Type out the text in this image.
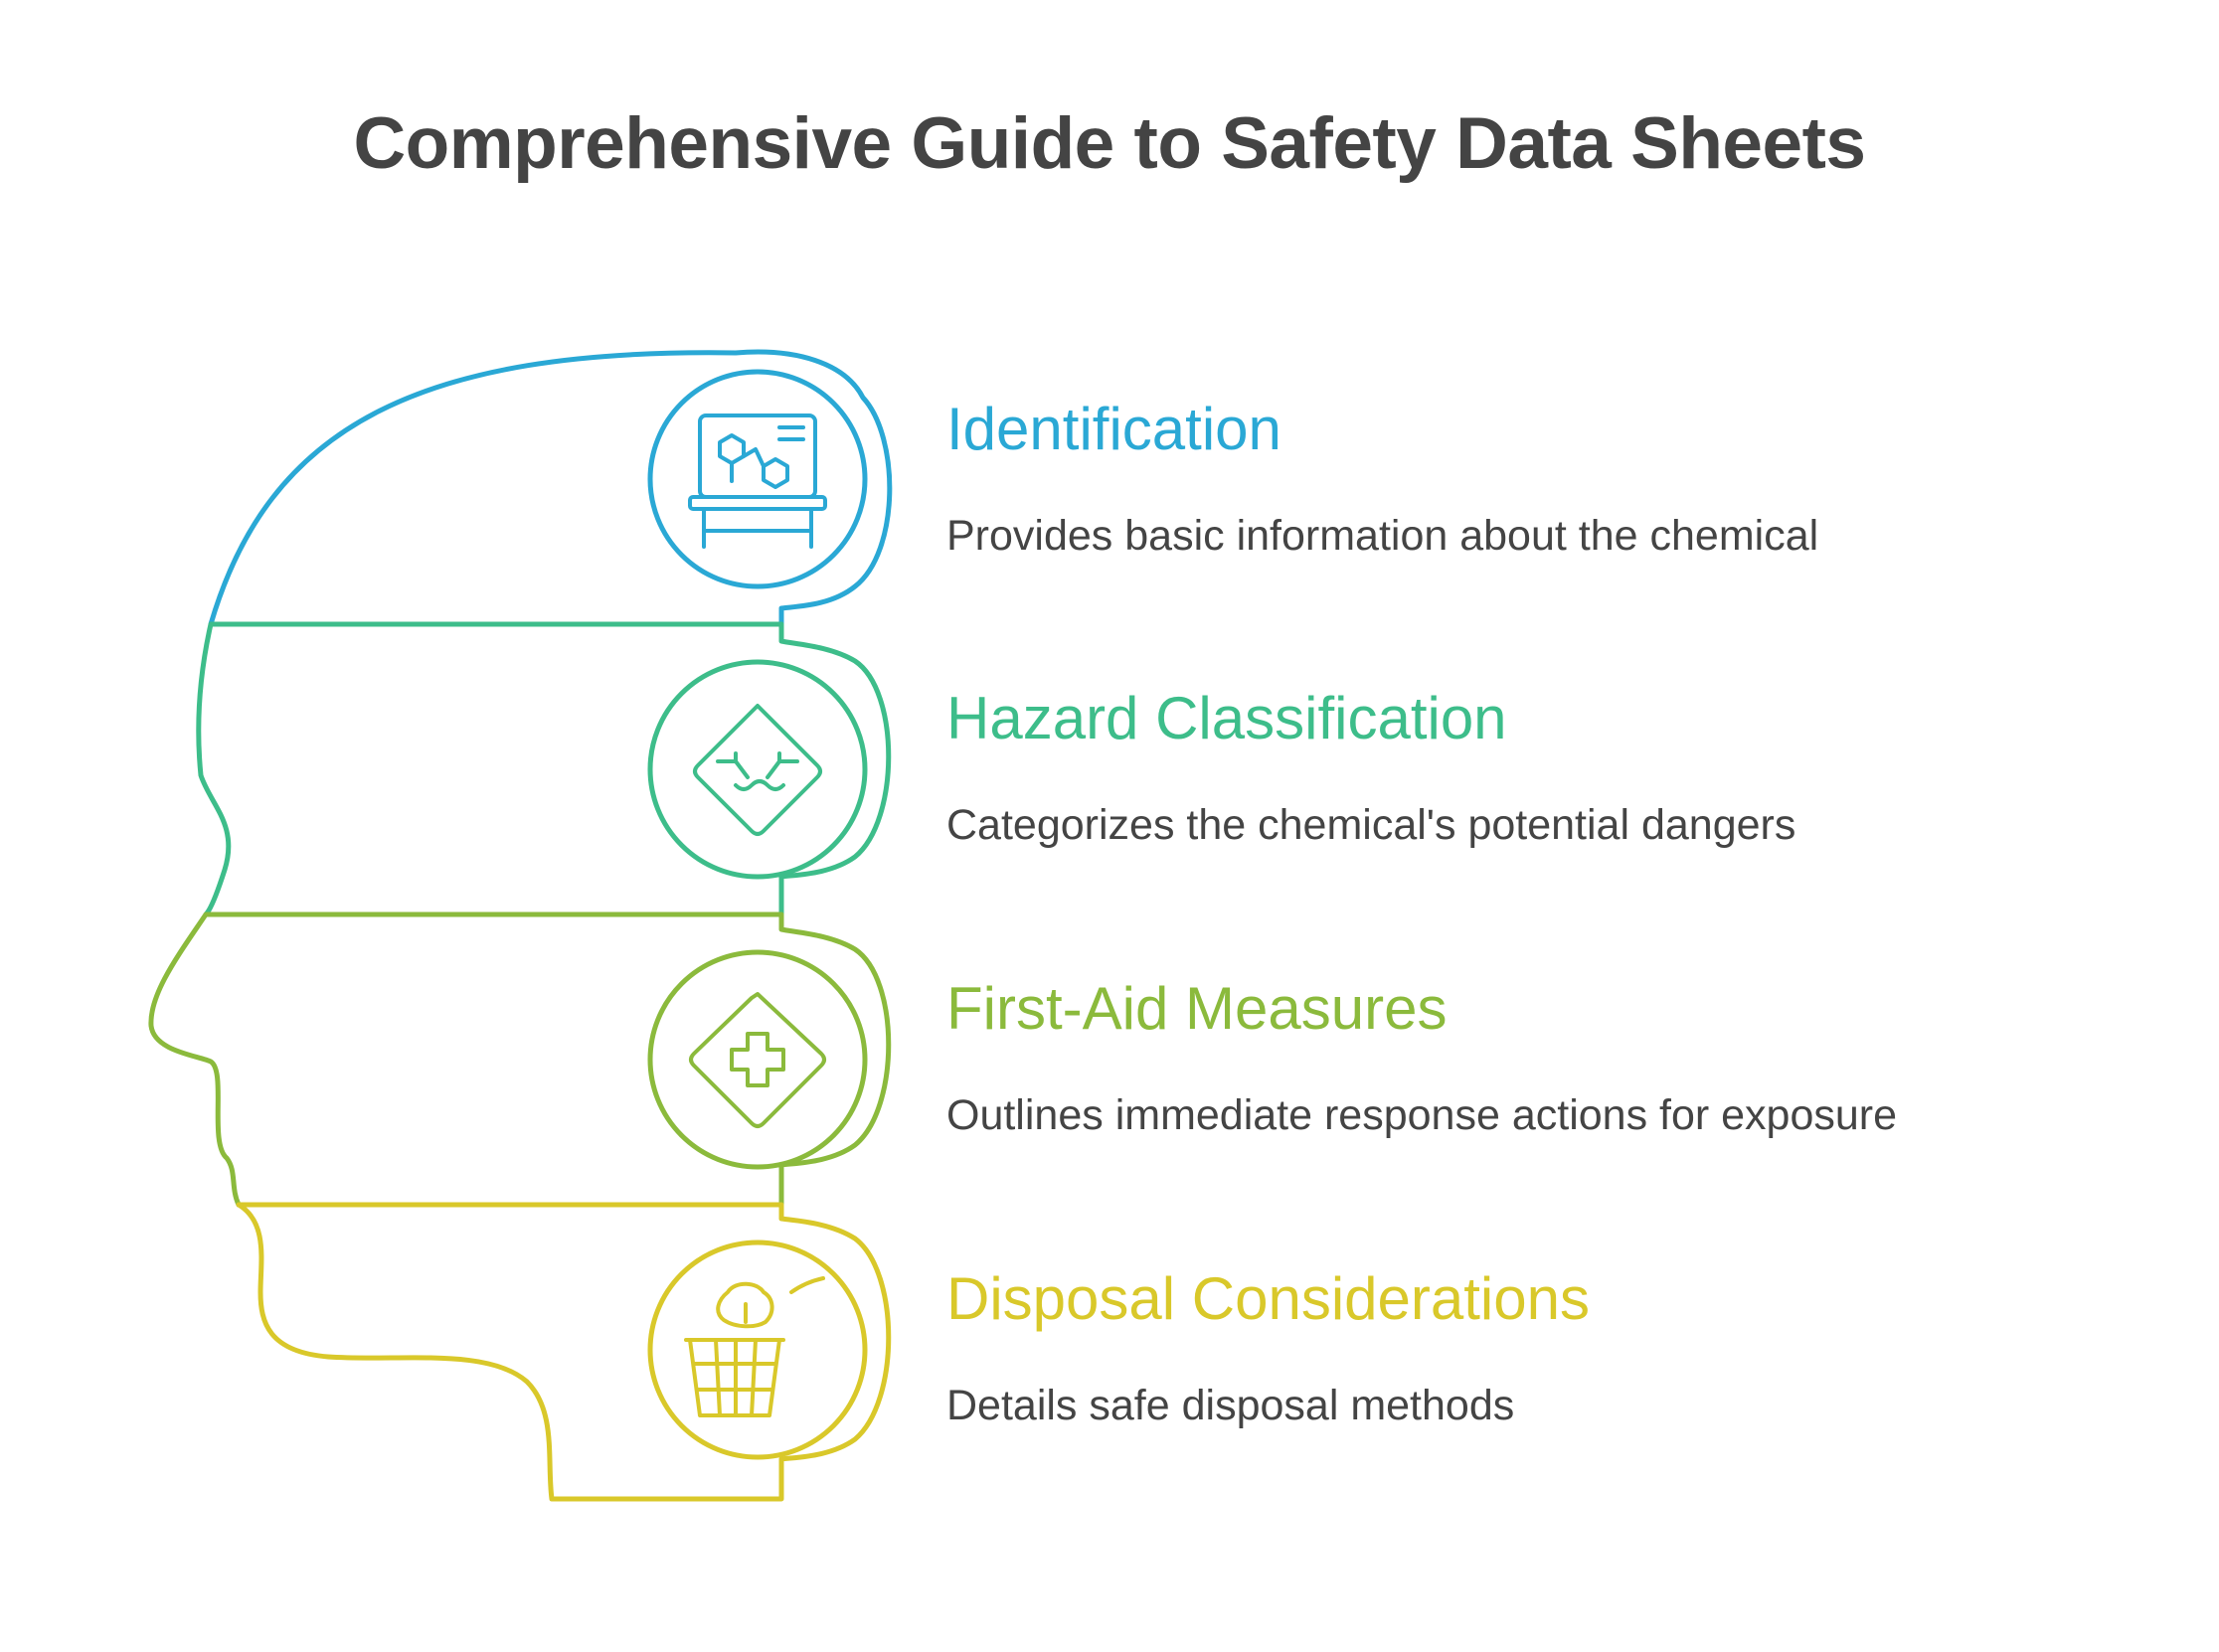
Comprehensive Guide to Safety Data Sheets
Identification

Provides basic information about the chemical

Hazard Classification

Categorizes the chemical's potential dangers

First-Aid Measures

Outlines immediate response actions for exposure

Disposal Considerations

Details safe disposal methods
